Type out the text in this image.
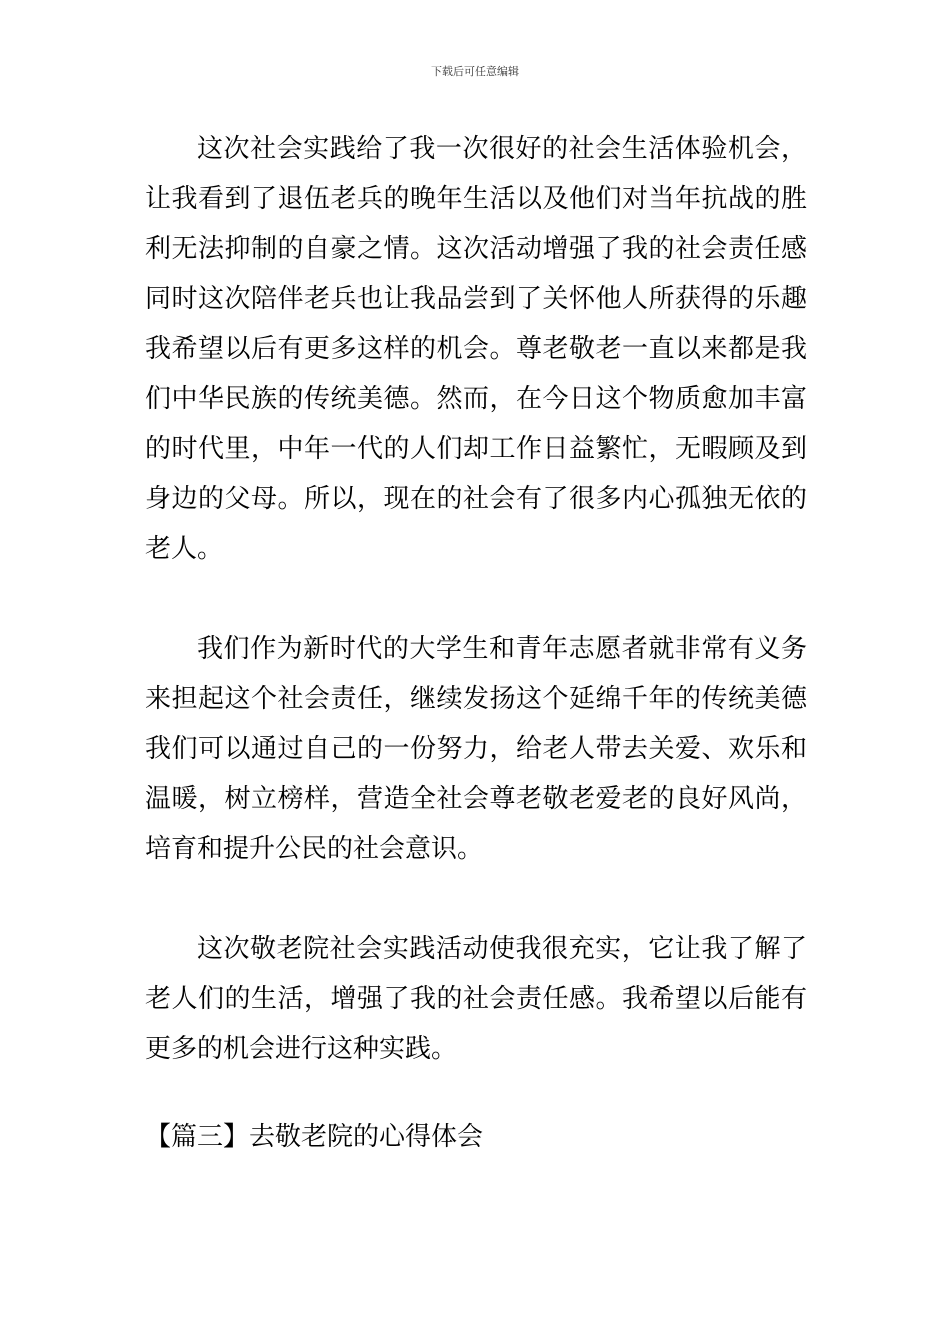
下载后可任意编辑

这次社会实践给了我一次很好的社会生活体验机会，让我看到了退伍老兵的晚年生活以及他们对当年抗战的胜利无法抑制的自豪之情。这次活动增强了我的社会责任感同时这次陪伴老兵也让我品尝到了关怀他人所获得的乐趣我希望以后有更多这样的机会。尊老敬老一直以来都是我们中华民族的传统美德。然而，在今日这个物质愈加丰富的时代里，中年一代的人们却工作日益繁忙，无暇顾及到身边的父母。所以，现在的社会有了很多内心孤独无依的老人。

我们作为新时代的大学生和青年志愿者就非常有义务来担起这个社会责任，继续发扬这个延绵千年的传统美德我们可以通过自己的一份努力，给老人带去关爱、欢乐和温暖，树立榜样，营造全社会尊老敬老爱老的良好风尚，培育和提升公民的社会意识。

这次敬老院社会实践活动使我很充实，它让我了解了老人们的生活，增强了我的社会责任感。我希望以后能有更多的机会进行这种实践。

【篇三】去敬老院的心得体会
